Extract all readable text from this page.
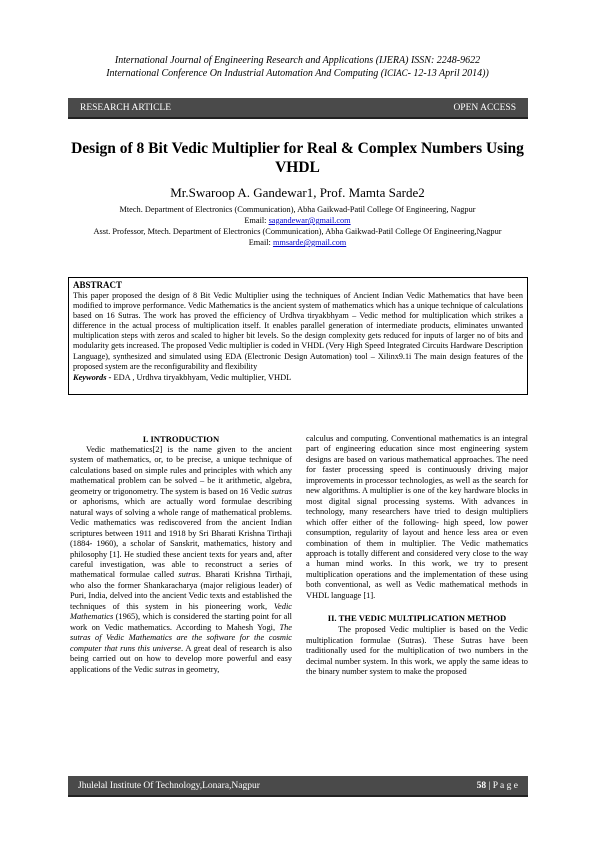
International Journal of Engineering Research and Applications (IJERA) ISSN: 2248-9622
International Conference On Industrial Automation And Computing (ICIAC- 12-13 April 2014))
RESEARCH ARTICLE	OPEN ACCESS
Design of 8 Bit Vedic Multiplier for Real & Complex Numbers Using VHDL
Mr.Swaroop A. Gandewar1, Prof. Mamta Sarde2
Mtech. Department of Electronics (Communication), Abha Gaikwad-Patil College Of Engineering, Nagpur
Email: sagandewar@gmail.com
Asst. Professor, Mtech. Department of Electronics (Communication), Abha Gaikwad-Patil College Of Engineering,Nagpur
Email: mmsarde@gmail.com
ABSTRACT
This paper proposed the design of 8 Bit Vedic Multiplier using the techniques of Ancient Indian Vedic Mathematics that have been modified to improve performance. Vedic Mathematics is the ancient system of mathematics which has a unique technique of calculations based on 16 Sutras. The work has proved the efficiency of Urdhva tiryakbhyam – Vedic method for multiplication which strikes a difference in the actual process of multiplication itself. It enables parallel generation of intermediate products, eliminates unwanted multiplication steps with zeros and scaled to higher bit levels. So the design complexity gets reduced for inputs of larger no of bits and modularity gets increased. The proposed Vedic multiplier is coded in VHDL (Very High Speed Integrated Circuits Hardware Description Language), synthesized and simulated using EDA (Electronic Design Automation) tool – Xilinx9.1i The main design features of the proposed system are the reconfigurability and flexibility
Keywords - EDA , Urdhva tiryakbhyam, Vedic multiplier, VHDL
I. INTRODUCTION

Vedic mathematics[2] is the name given to the ancient system of mathematics, or, to be precise, a unique technique of calculations based on simple rules and principles with which any mathematical problem can be solved – be it arithmetic, algebra, geometry or trigonometry. The system is based on 16 Vedic sutras or aphorisms, which are actually word formulae describing natural ways of solving a whole range of mathematical problems. Vedic mathematics was rediscovered from the ancient Indian scriptures between 1911 and 1918 by Sri Bharati Krishna Tirthaji (1884- 1960), a scholar of Sanskrit, mathematics, history and philosophy [1]. He studied these ancient texts for years and, after careful investigation, was able to reconstruct a series of mathematical formulae called sutras. Bharati Krishna Tirthaji, who also the former Shankaracharya (major religious leader) of Puri, India, delved into the ancient Vedic texts and established the techniques of this system in his pioneering work, Vedic Mathematics (1965), which is considered the starting point for all work on Vedic mathematics. According to Mahesh Yogi, The sutras of Vedic Mathematics are the software for the cosmic computer that runs this universe. A great deal of research is also being carried out on how to develop more powerful and easy applications of the Vedic sutras in geometry,

calculus and computing. Conventional mathematics is an integral part of engineering education since most engineering system designs are based on various mathematical approaches. The need for faster processing speed is continuously driving major improvements in processor technologies, as well as the search for new algorithms. A multiplier is one of the key hardware blocks in most digital signal processing systems. With advances in technology, many researchers have tried to design multipliers which offer either of the following- high speed, low power consumption, regularity of layout and hence less area or even combination of them in multiplier. The Vedic mathematics approach is totally different and considered very close to the way a human mind works. In this work, we try to present multiplication operations and the implementation of these using both conventional, as well as Vedic mathematical methods in VHDL language [1].
II. THE VEDIC MULTIPLICATION METHOD

The proposed Vedic multiplier is based on the Vedic multiplication formulae (Sutras). These Sutras have been traditionally used for the multiplication of two numbers in the decimal number system. In this work, we apply the same ideas to the binary number system to make the proposed

Jhulelal Institute Of Technology,Lonara,Nagpur	58 | P a g e
